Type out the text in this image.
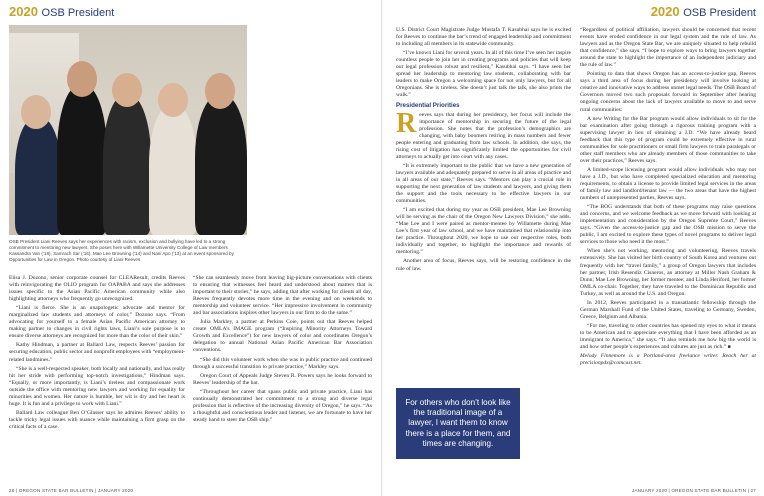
2020 OSB President
OSB President Liani Reeves says her experiences with racism, exclusion and bullying have led to a strong commitment to mentoring new lawyers. She poses here with Willamette University College of Law members Kassandra Van (’18), Samrach Sar (’16), Mae Lee Browning (’14) and Nani Apo (’13) at an event sponsored by Opportunities for Law in Oregon. Photo courtesy of Liani Reeves

Elisa J. Dozono, senior corporate counsel for CLEAResult, credits Reeves with reinvigorating the OLIO program for OAPABA and says she addresses issues specific to the Asian Pacific American community while also highlighting attorneys who frequently go unrecognized.

“Liani is fierce. She is an unapologetic advocate and mentor for marginalized law students and attorneys of color,” Dozono says. “From advocating for yourself to a female Asian Pacific American attorney to making partner to changes in civil rights laws, Liani’s sole purpose is to ensure diverse attorneys are recognized for more than the color of their skin.”

Kathy Hindman, a partner at Ballard Law, respects Reeves’ passion for securing education, public sector and nonprofit employees with “employment-related landmines.”

“She is a well-respected speaker, both locally and nationally, and has really hit her stride with performing top-notch investigations,” Hindman says. “Equally, or more importantly, is Liani’s tireless and compassionate work outside the office with mentoring new lawyers and working for equality for minorities and women. Her nature is humble, her wit is dry and her heart is huge. It is fun and a privilege to work with Liani.”

Ballard Law colleague Ben O’Glasser says he admires Reeves’ ability to tackle tricky legal issues with nuance while maintaining a firm grasp on the critical facts of a case.

“She can seamlessly move from leaving big-picture conversations with clients to ensuring that witnesses feel heard and understood about matters that is important to their stories,” he says, adding that after working for clients all day, Reeves frequently devotes more time in the evening and on weekends to mentorship and volunteer service. “Her impressive involvement in community and bar associations inspires other lawyers in our firm to do the same.”

Julia Markley, a partner at Perkins Coie, points out that Reeves helped create OMLA’s IMAGE program (“Inspiring Minority Attorneys Toward Growth and Excellence”) for new lawyers of color and coordinates Oregon’s delegation to annual National Asian Pacific American Bar Association conventions.

“She did this volunteer work when she was in public practice and continued through a successful transition to private practice,” Markley says.

Oregon Court of Appeals Judge Steven R. Powers says he looks forward to Reeves’ leadership of the bar.

“Throughout her career that spans public and private practice, Liani has continually demonstrated her commitment to a strong and diverse legal profession that is reflective of the increasing diversity of Oregon,” he says. “As a thoughtful and conscientious leader and listener, we are fortunate to have her steady hand to steer the OSB ship.”

26 | OREGON STATE BAR BULLETIN | JANUARY 2020
2020 OSB President
JANUARY 2020 | OREGON STATE BAR BULLETIN | 27

U.S. District Court Magistrate Judge Mustafa T. Kasubhai says he is excited for Reeves to continue the bar’s trend of engaged leadership and commitment to including all members in its statewide community.

“I’ve known Liani for several years. In all of this time I’ve seen her inspire countless people to join her in creating programs and policies that will keep our legal profession robust and resilient,” Kasubhai says. “I have seen her spread her leadership to mentoring law students, collaborating with bar leaders to make Oregon a welcoming space for not only lawyers, but for all Oregonians. She is tireless. She doesn’t just talk the talk, she also prints the walk.”

Presidential Priorities

Reeves says that during her presidency, her focus will include the importance of mentorship in securing the future of the legal profession. She notes that the profession’s demographics are changing, with baby boomers retiring in mass numbers and fewer people entering and graduating from law schools. In addition, she says, the rising cost of litigation has significantly limited the opportunities for civil attorneys to actually get into court with any cases.

“It is extremely important to the public that we have a new generation of lawyers available and adequately prepared to serve in all areas of practice and in all areas of our state,” Reeves says. “Mentors can play a crucial role in supporting the next generation of law students and lawyers, and giving them the support and the tools necessary to be effective lawyers in our communities.

“I am excited that during my year as OSB president, Mae Lee Browning will be serving as the chair of the Oregon New Lawyers Division,” she adds. “Mae Lee and I were paired as mentor-mentee by Willamette during Mae Lee’s first year of law school, and we have maintained that relationship into her practice. Throughout 2020, we hope to use our respective roles, both individually and together, to highlight the importance and rewards of mentoring.”

Another area of focus, Reeves says, will be restoring confidence in the rule of law.

For others who don’t look like the traditional image of a lawyer, I want them to know there is a place for them, and times are changing.

“Regardless of political affiliation, lawyers should be concerned that recent events have eroded confidence in our legal system and the rule of law. As lawyers and as the Oregon State Bar, we are uniquely situated to help rebuild that confidence,” she says. “I hope to explore ways to bring lawyers together around the state to highlight the importance of an independent judiciary and the rule of law.”

Pointing to data that shows Oregon has an access-to-justice gap, Reeves says a third area of focus during her presidency will involve looking at creative and innovative ways to address unmet legal needs. The OSB Board of Governors moved two such proposals forward in September after hearing ongoing concerns about the lack of lawyers available to move to and serve rural communities:

A new Writing for the Bar program would allow individuals to sit for the bar examination after going through a rigorous training program with a supervising lawyer in lieu of obtaining a J.D. “We have already heard feedback that this type of program could be extremely effective in rural communities for sole practitioners or small firm lawyers to train paralegals or other staff members who are already members of those communities to take over their practices,” Reeves says.

A limited-scope licensing program would allow individuals who may not have a J.D., but who have completed specialized education and mentoring requirements, to obtain a license to provide limited legal services in the areas of family law and landlord/tenant law — the two areas that have the highest numbers of unrepresented parties, Reeves says.

“The BOG understands that both of these programs may raise questions and concerns, and we welcome feedback as we move forward with looking at implementation and consideration by the Oregon Supreme Court,” Reeves says. “Given the access-to-justice gap and the OSB mission to serve the public, I am excited to explore these types of novel programs to deliver legal services to those who need it the most.”

When she’s not working, mentoring and volunteering, Reeves travels extensively. She has visited her birth country of South Korea and ventures out frequently with her “travel family,” a group of Oregon lawyers that includes her partner, Irish Resendiz Cisneros, an attorney at Miller Nash Graham & Dunn; Mae Lee Browning, her former mentee; and Linda Heriford, her former OMLA co-chair. Together, they have traveled to the Dominican Republic and Turkey, as well as around the U.S. and Oregon.

In 2012, Reeves participated in a transatlantic fellowship through the German Marshall Fund of the United States, traveling to Germany, Sweden, Greece, Belgium and Albania.

“For me, traveling to other countries has opened my eyes to what it means to be American and to appreciate everything that I have been afforded as an immigrant to America,” she says. “It also reminds me how big the world is and how other people’s experiences and cultures are just as rich.” ■

Melody Finnemore is a Portland-area freelance writer. Reach her at precisionpdx@comcast.net.
